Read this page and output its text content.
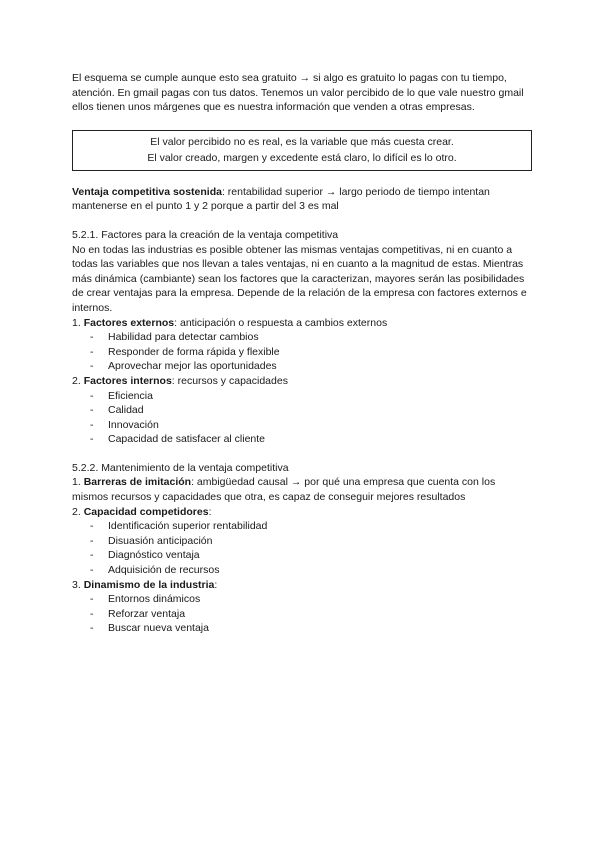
El esquema se cumple aunque esto sea gratuito → si algo es gratuito lo pagas con tu tiempo, atención. En gmail pagas con tus datos. Tenemos un valor percibido de lo que vale nuestro gmail ellos tienen unos márgenes que es nuestra información que venden a otras empresas.

El valor percibido no es real, es la variable que más cuesta crear.
El valor creado, margen y excedente está claro, lo difícil es lo otro.

Ventaja competitiva sostenida: rentabilidad superior → largo periodo de tiempo intentan mantenerse en el punto 1 y 2 porque a partir del 3 es mal

5.2.1. Factores para la creación de la ventaja competitiva

No en todas las industrias es posible obtener las mismas ventajas competitivas, ni en cuanto a todas las variables que nos llevan a tales ventajas, ni en cuanto a la magnitud de estas. Mientras más dinámica (cambiante) sean los factores que la caracterizan, mayores serán las posibilidades de crear ventajas para la empresa. Depende de la relación de la empresa con factores externos e internos.

1. Factores externos: anticipación o respuesta a cambios externos

- Habilidad para detectar cambios
- Responder de forma rápida y flexible
- Aprovechar mejor las oportunidades

2. Factores internos: recursos y capacidades

- Eficiencia
- Calidad
- Innovación
- Capacidad de satisfacer al cliente

5.2.2. Mantenimiento de la ventaja competitiva

1. Barreras de imitación: ambigüedad causal → por qué una empresa que cuenta con los mismos recursos y capacidades que otra, es capaz de conseguir mejores resultados

2. Capacidad competidores:

- Identificación superior rentabilidad
- Disuasión anticipación
- Diagnóstico ventaja
- Adquisición de recursos

3. Dinamismo de la industria:

- Entornos dinámicos
- Reforzar ventaja
- Buscar nueva ventaja
